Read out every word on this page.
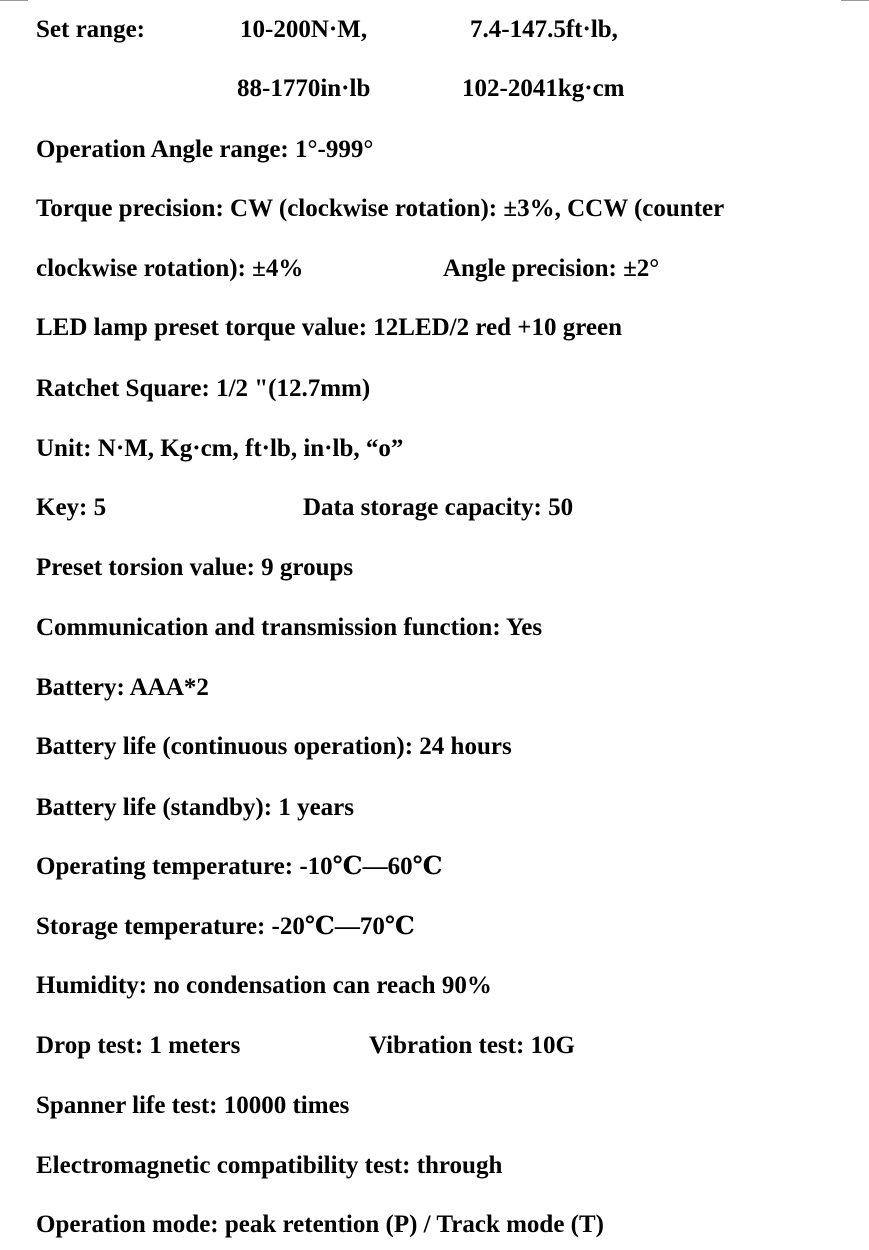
Set range:	10-200N·M,	7.4-147.5ft·lb,
88-1770in·lb	102-2041kg·cm
Operation Angle range: 1°-999°
Torque precision: CW (clockwise rotation): ±3%, CCW (counter
clockwise rotation): ±4%	Angle precision: ±2°
LED lamp preset torque value: 12LED/2 red +10 green
Ratchet Square: 1/2 "(12.7mm)
Unit: N·M, Kg·cm, ft·lb, in·lb, “o”
Key: 5	Data storage capacity: 50
Preset torsion value: 9 groups
Communication and transmission function: Yes
Battery: AAA*2
Battery life (continuous operation): 24 hours
Battery life (standby): 1 years
Operating temperature: -10℃—60℃
Storage temperature: -20℃—70℃
Humidity: no condensation can reach 90%
Drop test: 1 meters	Vibration test: 10G
Spanner life test: 10000 times
Electromagnetic compatibility test: through
Operation mode: peak retention (P) / Track mode (T)
